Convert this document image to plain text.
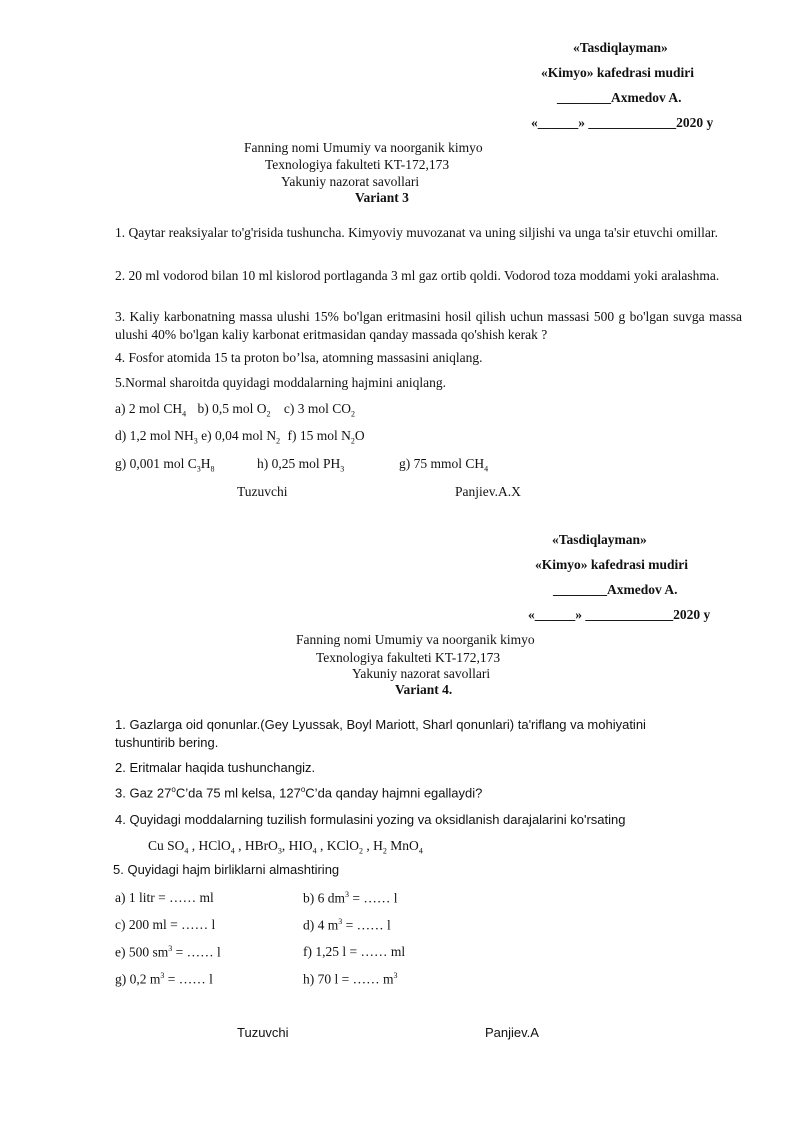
«Tasdiqlayman»
«Kimyo» kafedrasi mudiri
________Axmedov A.
«______» _____________2020 y
Fanning nomi Umumiy va noorganik kimyo
Texnologiya fakulteti KT-172,173
Yakuniy nazorat savollari
Variant 3
1. Qaytar reaksiyalar to'g'risida tushuncha. Kimyoviy muvozanat va uning siljishi va unga ta'sir etuvchi omillar.
2. 20 ml vodorod bilan 10 ml kislorod portlaganda 3 ml gaz ortib qoldi. Vodorod toza moddami yoki aralashma.
3. Kaliy karbonatning massa ulushi 15% bo'lgan eritmasini hosil qilish uchun massasi 500 g bo'lgan suvga massa ulushi 40% bo'lgan kaliy karbonat eritmasidan qanday massada qo'shish kerak ?
4. Fosfor atomida 15 ta proton bo’lsa, atomning massasini aniqlang.
5.Normal sharoitda quyidagi moddalarning hajmini aniqlang.
a) 2 mol $CH_4$ b) 0,5 mol $O_2$ c) 3 mol $CO_2$
d) 1,2 mol $NH_3$ e) 0,04 mol $N_2$ f) 15 mol $N_2O$
g) 0,001 mol $C_3H_8$	h) 0,25 mol $PH_3$	g) 75 mmol $CH_4$
Tuzuvchi	Panjiev.A.X
«Tasdiqlayman»
«Kimyo» kafedrasi mudiri
________Axmedov A.
«______» _____________2020 y
Fanning nomi Umumiy va noorganik kimyo
Texnologiya fakulteti KT-172,173
Yakuniy nazorat savollari
Variant 4.
1. Gazlarga oid qonunlar.(Gey Lyussak, Boyl Mariott, Sharl qonunlari) ta'riflang va mohiyatini tushuntirib bering.
2. Eritmalar haqida tushunchangiz.
3. Gaz 27$^o$C’da 75 ml kelsa, 127$^o$C’da qanday hajmni egallaydi?
4. Quyidagi moddalarning tuzilish formulasini yozing va oksidlanish darajalarini ko'rsating
Cu $SO_4$ , HClO$_4$ , HBrO$_3$, $HIO_4$ , KClO$_2$ , $H_2$ MnO$_4$
5. Quyidagi hajm birliklarni almashtiring
a) 1 litr = …… ml	b) 6 $dm^3$ = …… l
c) 200 ml = …… l	d) 4 $m^3$ = …… l
e) 500 $sm^3$ = …… l	f) 1,25 l = …… ml
g) 0,2 $m^3$ = …… l	h) 70 l = …… $m^3$
Tuzuvchi	Panjiev.A
